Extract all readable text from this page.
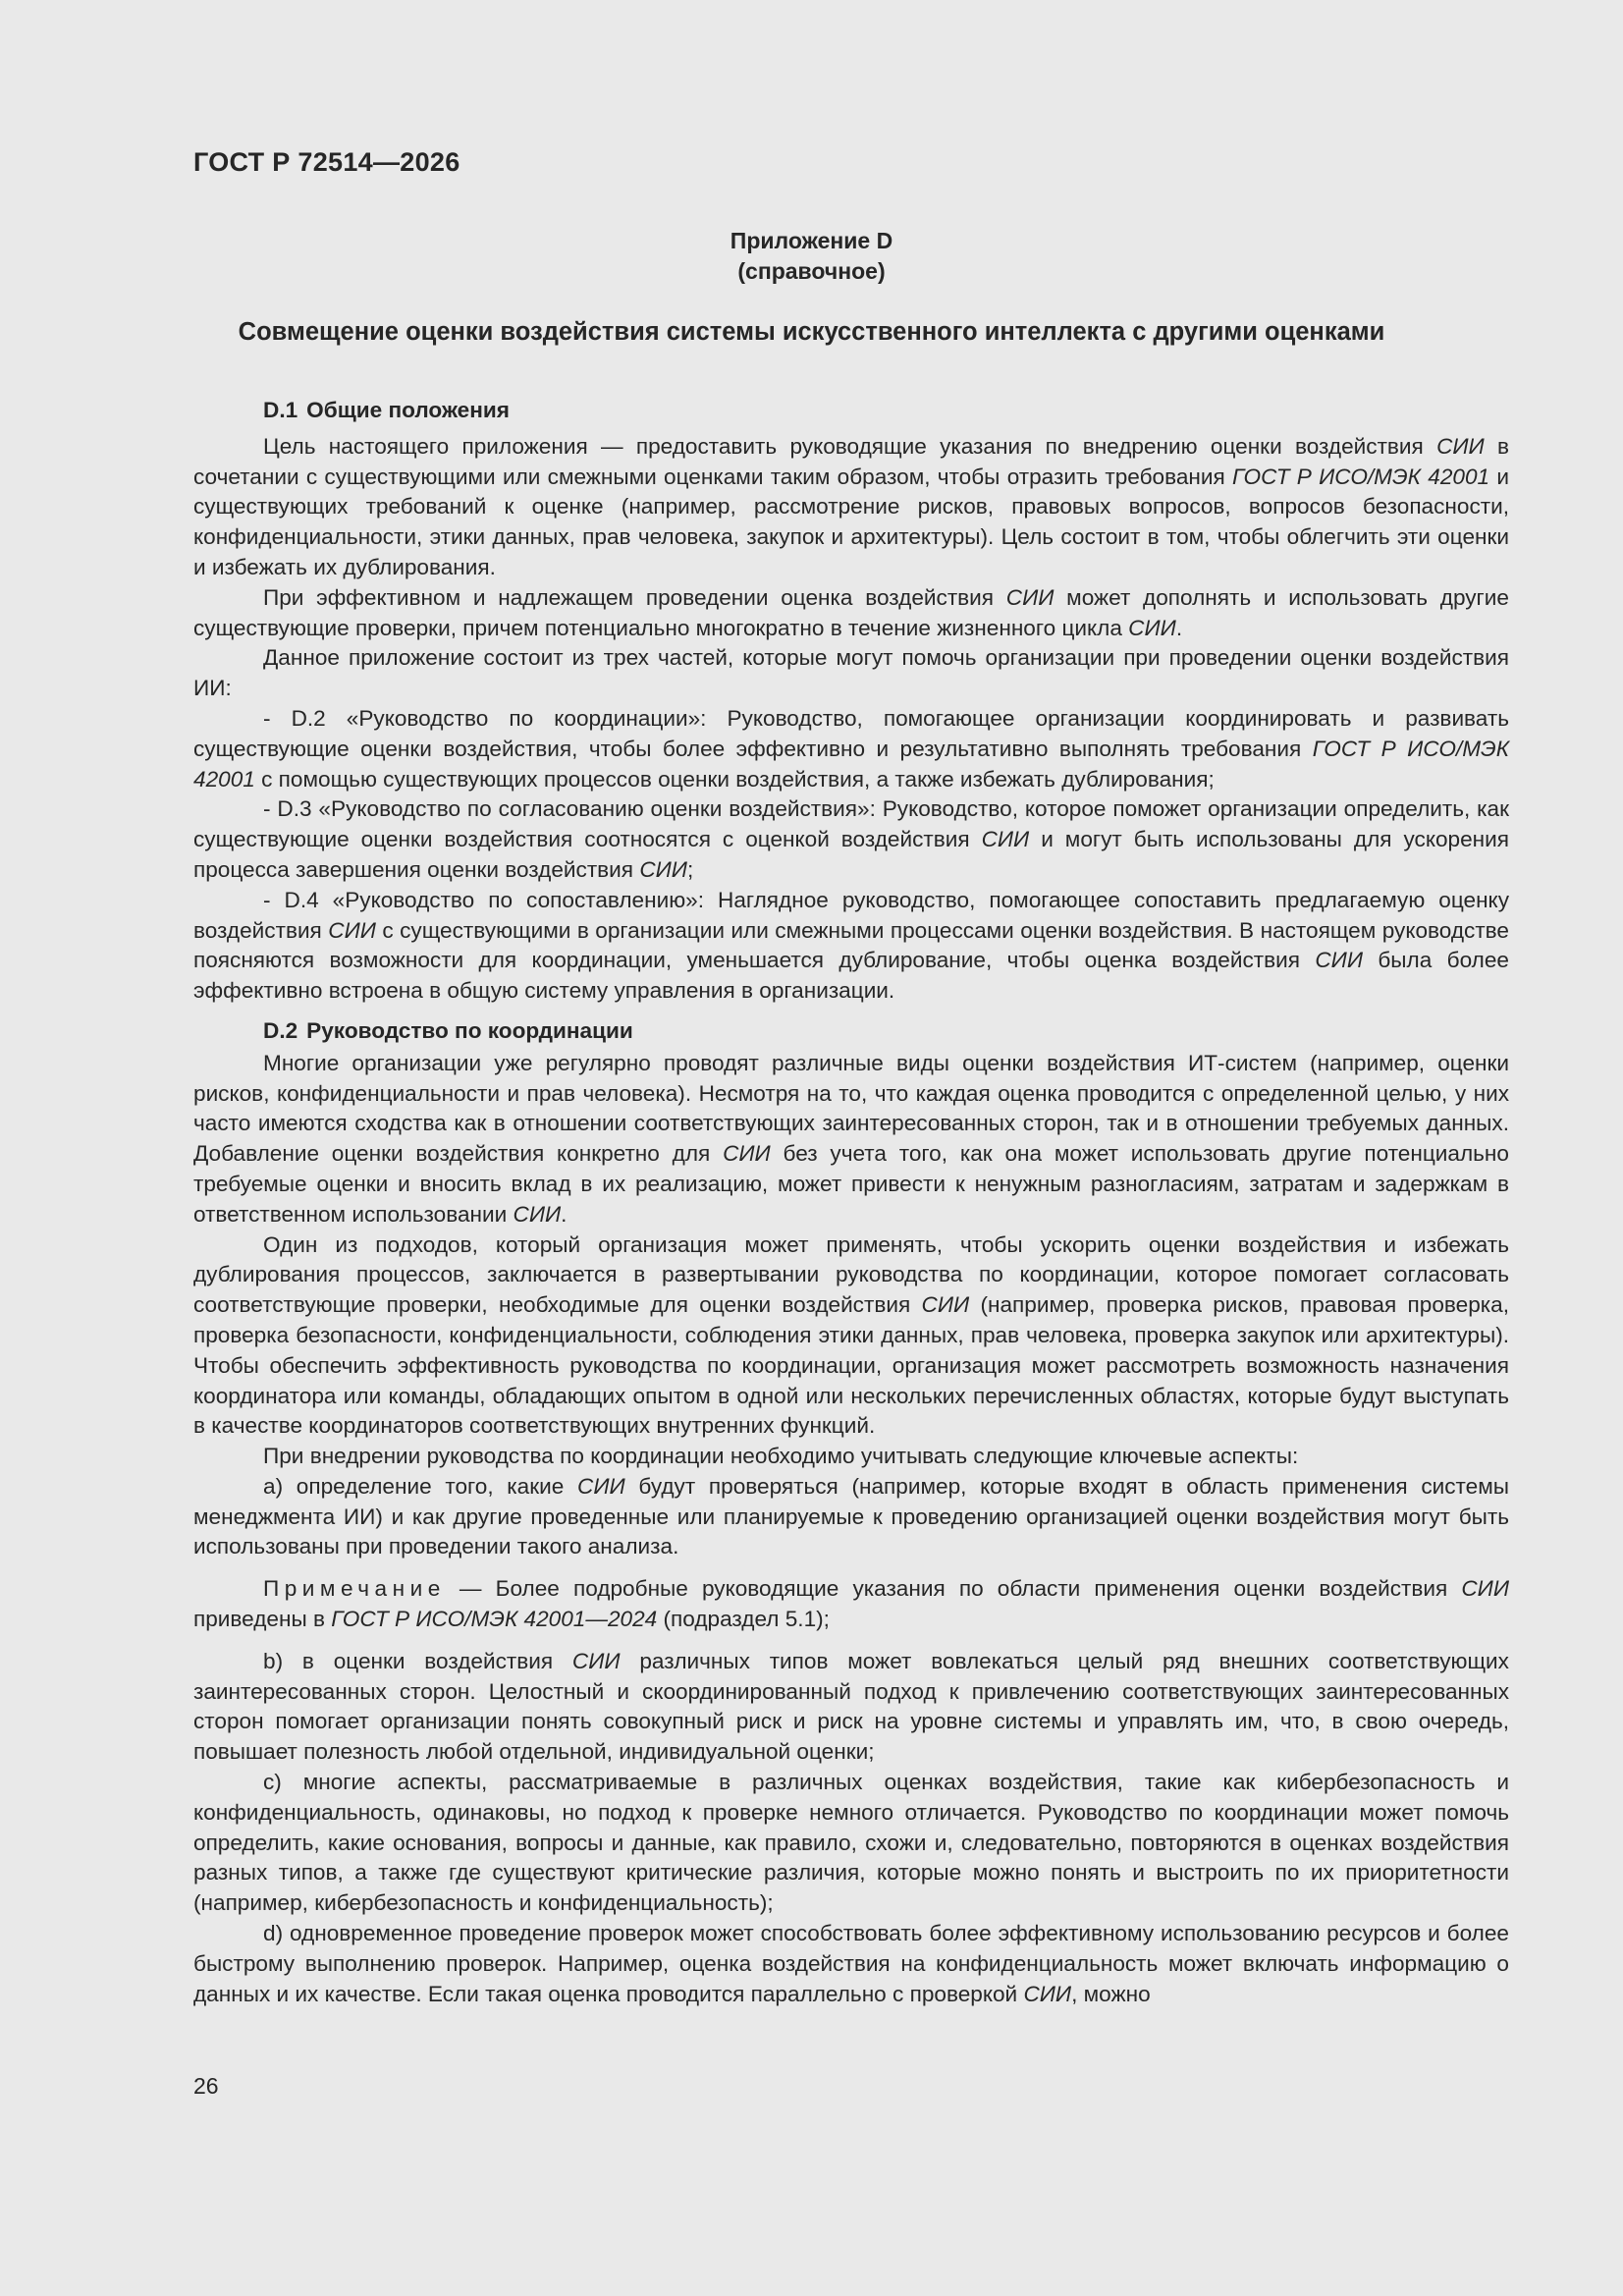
ГОСТ Р 72514—2026
Приложение D
(справочное)
Совмещение оценки воздействия системы искусственного интеллекта с другими оценками
D.1 Общие положения
Цель настоящего приложения — предоставить руководящие указания по внедрению оценки воздействия СИИ в сочетании с существующими или смежными оценками таким образом, чтобы отразить требования ГОСТ Р ИСО/МЭК 42001 и существующих требований к оценке (например, рассмотрение рисков, правовых вопросов, вопросов безопасности, конфиденциальности, этики данных, прав человека, закупок и архитектуры). Цель состоит в том, чтобы облегчить эти оценки и избежать их дублирования.
При эффективном и надлежащем проведении оценка воздействия СИИ может дополнять и использовать другие существующие проверки, причем потенциально многократно в течение жизненного цикла СИИ.
Данное приложение состоит из трех частей, которые могут помочь организации при проведении оценки воздействия ИИ:
- D.2 «Руководство по координации»: Руководство, помогающее организации координировать и развивать существующие оценки воздействия, чтобы более эффективно и результативно выполнять требования ГОСТ Р ИСО/МЭК 42001 с помощью существующих процессов оценки воздействия, а также избежать дублирования;
- D.3 «Руководство по согласованию оценки воздействия»: Руководство, которое поможет организации определить, как существующие оценки воздействия соотносятся с оценкой воздействия СИИ и могут быть использованы для ускорения процесса завершения оценки воздействия СИИ;
- D.4 «Руководство по сопоставлению»: Наглядное руководство, помогающее сопоставить предлагаемую оценку воздействия СИИ с существующими в организации или смежными процессами оценки воздействия. В настоящем руководстве поясняются возможности для координации, уменьшается дублирование, чтобы оценка воздействия СИИ была более эффективно встроена в общую систему управления в организации.
D.2 Руководство по координации
Многие организации уже регулярно проводят различные виды оценки воздействия ИТ-систем (например, оценки рисков, конфиденциальности и прав человека). Несмотря на то, что каждая оценка проводится с определенной целью, у них часто имеются сходства как в отношении соответствующих заинтересованных сторон, так и в отношении требуемых данных. Добавление оценки воздействия конкретно для СИИ без учета того, как она может использовать другие потенциально требуемые оценки и вносить вклад в их реализацию, может привести к ненужным разногласиям, затратам и задержкам в ответственном использовании СИИ.
Один из подходов, который организация может применять, чтобы ускорить оценки воздействия и избежать дублирования процессов, заключается в развертывании руководства по координации, которое помогает согласовать соответствующие проверки, необходимые для оценки воздействия СИИ (например, проверка рисков, правовая проверка, проверка безопасности, конфиденциальности, соблюдения этики данных, прав человека, проверка закупок или архитектуры). Чтобы обеспечить эффективность руководства по координации, организация может рассмотреть возможность назначения координатора или команды, обладающих опытом в одной или нескольких перечисленных областях, которые будут выступать в качестве координаторов соответствующих внутренних функций.
При внедрении руководства по координации необходимо учитывать следующие ключевые аспекты:
a) определение того, какие СИИ будут проверяться (например, которые входят в область применения системы менеджмента ИИ) и как другие проведенные или планируемые к проведению организацией оценки воздействия могут быть использованы при проведении такого анализа.
Примечание — Более подробные руководящие указания по области применения оценки воздействия СИИ приведены в ГОСТ Р ИСО/МЭК 42001—2024 (подраздел 5.1);
b) в оценки воздействия СИИ различных типов может вовлекаться целый ряд внешних соответствующих заинтересованных сторон. Целостный и скоординированный подход к привлечению соответствующих заинтересованных сторон помогает организации понять совокупный риск и риск на уровне системы и управлять им, что, в свою очередь, повышает полезность любой отдельной, индивидуальной оценки;
c) многие аспекты, рассматриваемые в различных оценках воздействия, такие как кибербезопасность и конфиденциальность, одинаковы, но подход к проверке немного отличается. Руководство по координации может помочь определить, какие основания, вопросы и данные, как правило, схожи и, следовательно, повторяются в оценках воздействия разных типов, а также где существуют критические различия, которые можно понять и выстроить по их приоритетности (например, кибербезопасность и конфиденциальность);
d) одновременное проведение проверок может способствовать более эффективному использованию ресурсов и более быстрому выполнению проверок. Например, оценка воздействия на конфиденциальность может включать информацию о данных и их качестве. Если такая оценка проводится параллельно с проверкой СИИ, можно
26
